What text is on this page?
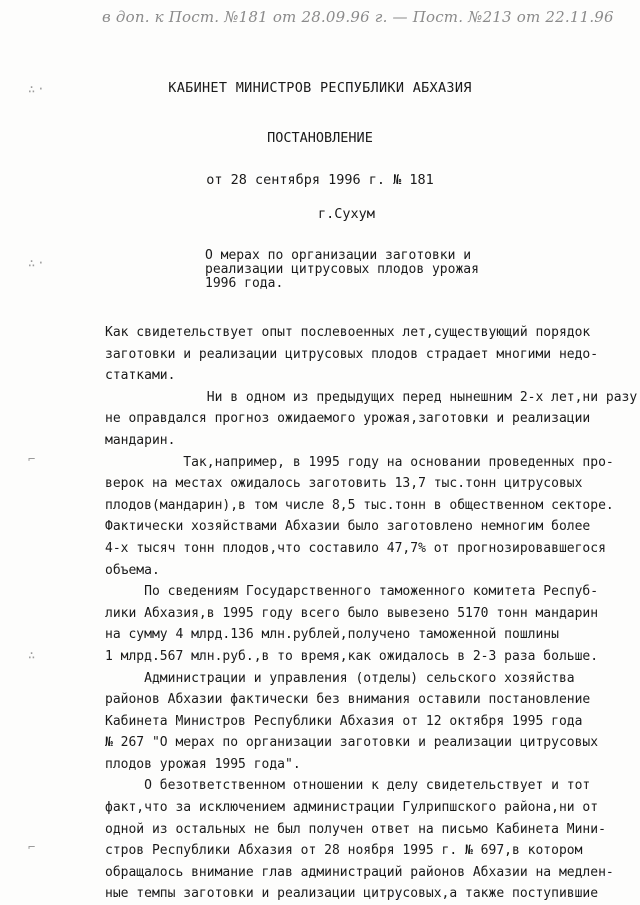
в доп. к Пост. №181 от 28.09.96 г. — Пост. №213 от 22.11.96
∴·
∴·
⌐
∴
⌐
КАБИНЕТ МИНИСТРОВ РЕСПУБЛИКИ АБХАЗИЯ
ПОСТАНОВЛЕНИЕ
от 28 сентября 1996 г. № 181
г.Сухум
О мерах по организации заготовки и
реализации цитрусовых плодов урожая
1996 года.
Как свидетельствует опыт послевоенных лет,существующий порядок
заготовки и реализации цитрусовых плодов страдает многими недо-
статками.
Ни в одном из предыдущих перед нынешним 2-х лет,ни разу
не оправдался прогноз ожидаемого урожая,заготовки и реализации
мандарин.
Так,например, в 1995 году на основании проведенных про-
верок на местах ожидалось заготовить 13,7 тыс.тонн цитрусовых
плодов(мандарин),в том числе 8,5 тыс.тонн в общественном секторе.
Фактически хозяйствами Абхазии было заготовлено немногим более
4-х тысяч тонн плодов,что составило 47,7% от прогнозировавшегося
объема.
По сведениям Государственного таможенного комитета Респуб-
лики Абхазия,в 1995 году всего было вывезено 5170 тонн мандарин
на сумму 4 млрд.136 млн.рублей,получено таможенной пошлины
1 млрд.567 млн.руб.,в то время,как ожидалось в 2-3 раза больше.
Администрации и управления (отделы) сельского хозяйства
районов Абхазии фактически без внимания оставили постановление
Кабинета Министров Республики Абхазия от 12 октября 1995 года
№ 267 "О мерах по организации заготовки и реализации цитрусовых
плодов урожая 1995 года".
О безответственном отношении к делу свидетельствует и тот
факт,что за исключением администрации Гулрипшского района,ни от
одной из остальных не был получен ответ на письмо Кабинета Мини-
стров Республики Абхазия от 28 ноября 1995 г. № 697,в котором
обращалось внимание глав администраций районов Абхазии на медлен-
ные темпы заготовки и реализации цитрусовых,а также поступившие
